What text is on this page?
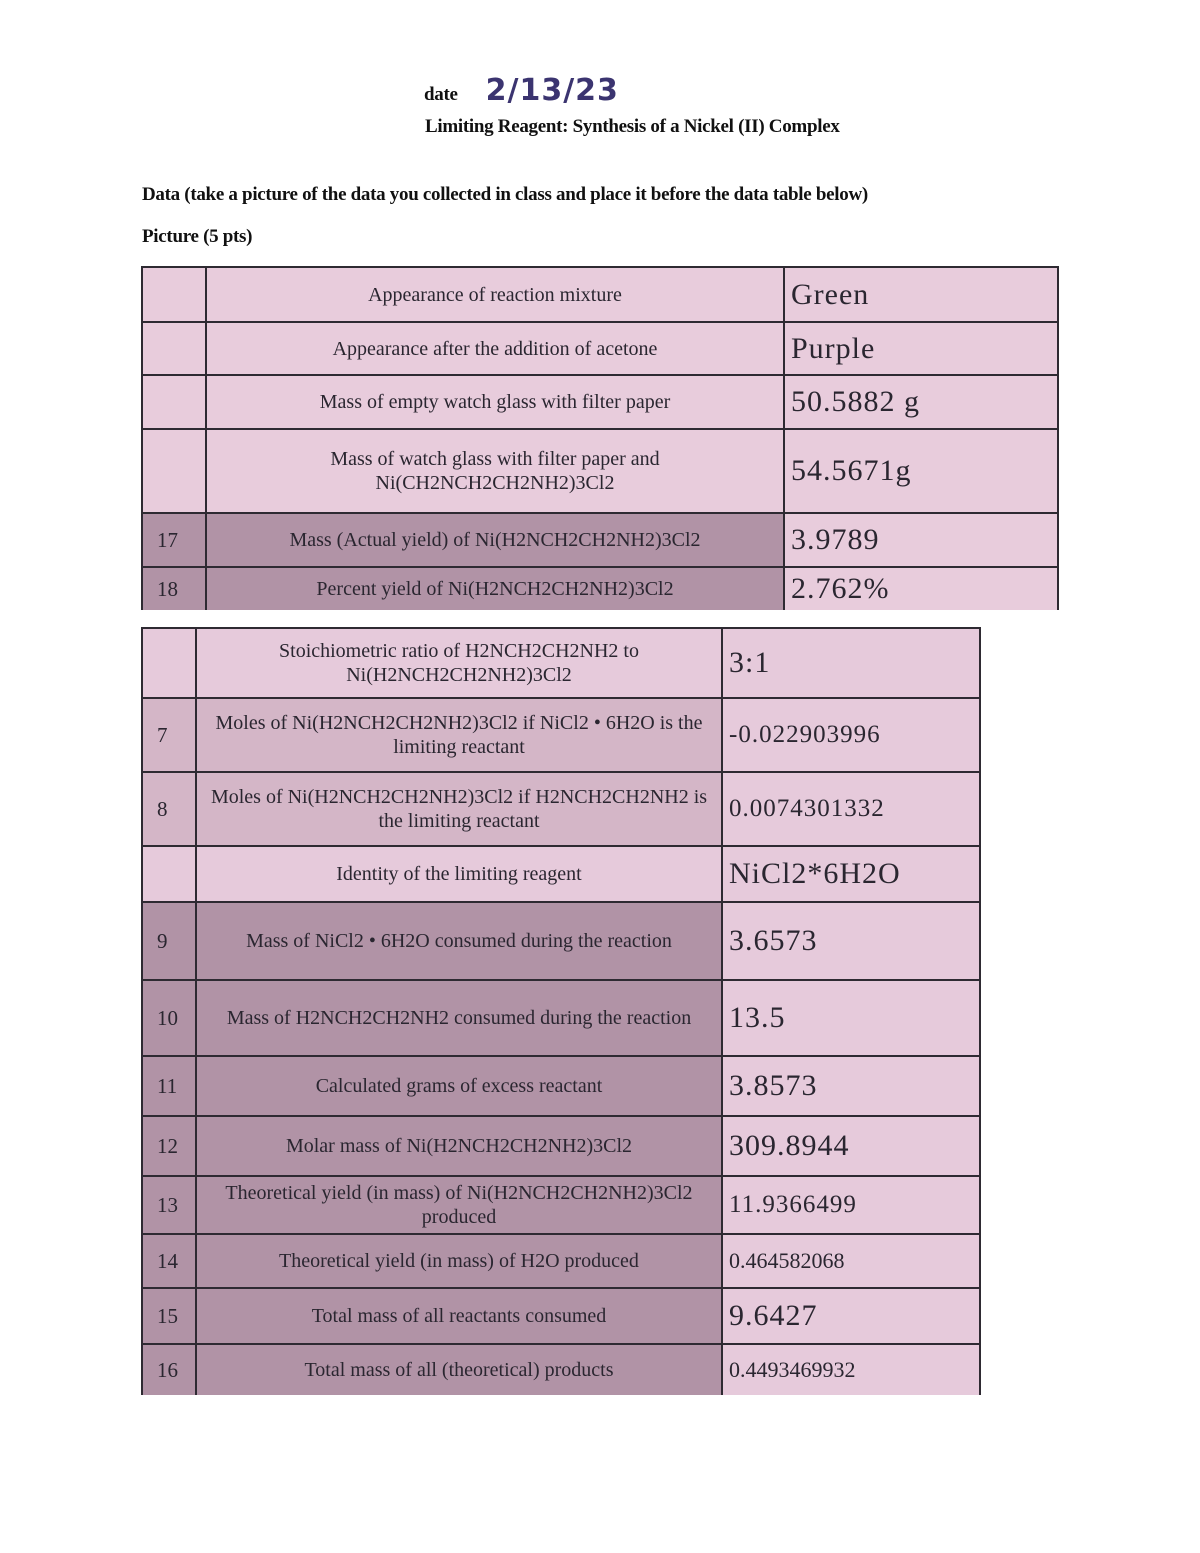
date 2/13/23
Limiting Reagent: Synthesis of a Nickel (II) Complex
Data (take a picture of the data you collected in class and place it before the data table below)
Picture (5 pts)
	Appearance of reaction mixture	Green
	Appearance after the addition of acetone	Purple
	Mass of empty watch glass with filter paper	50.5882 g
	Mass of watch glass with filter paper and Ni(CH2NCH2CH2NH2)3Cl2	54.5671g
17	Mass (Actual yield) of Ni(H2NCH2CH2NH2)3Cl2	3.9789
18	Percent yield of Ni(H2NCH2CH2NH2)3Cl2	2.762%
	Stoichiometric ratio of H2NCH2CH2NH2 to Ni(H2NCH2CH2NH2)3Cl2	3:1
7	Moles of Ni(H2NCH2CH2NH2)3Cl2 if NiCl2 • 6H2O is the limiting reactant	-0.022903996
8	Moles of Ni(H2NCH2CH2NH2)3Cl2 if H2NCH2CH2NH2 is the limiting reactant	0.0074301332
	Identity of the limiting reagent	NiCl2*6H2O
9	Mass of NiCl2 • 6H2O consumed during the reaction	3.6573
10	Mass of H2NCH2CH2NH2 consumed during the reaction	13.5
11	Calculated grams of excess reactant	3.8573
12	Molar mass of Ni(H2NCH2CH2NH2)3Cl2	309.8944
13	Theoretical yield (in mass) of Ni(H2NCH2CH2NH2)3Cl2 produced	11.9366499
14	Theoretical yield (in mass) of H2O produced	0.464582068
15	Total mass of all reactants consumed	9.6427
16	Total mass of all (theoretical) products	0.4493469932
